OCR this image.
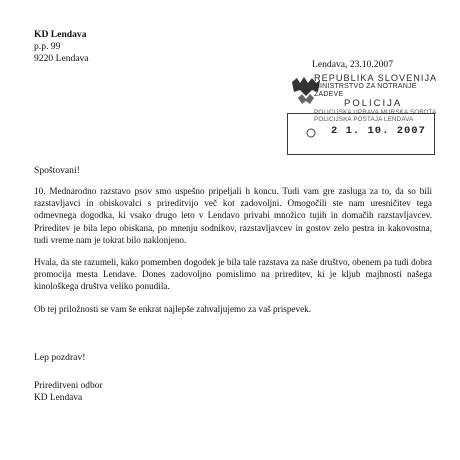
KD Lendava
p.p. 99
9220 Lendava
Lendava, 23.10.2007
REPUBLIKA SLOVENIJA
MINISTRSTVO ZA NOTRANJE ZADEVE
POLICIJA
POLICIJSKA UPRAVA MURSKA SOBOTA
POLICIJSKA POSTAJA LENDAVA
2 1. 10. 2007
Spoštovani!

10. Mednarodno razstavo psov smo uspešno pripeljali h koncu. Tudi vam gre zasluga za to, da so bili razstavljavci in obiskovalci s prireditvijo več kot zadovoljni. Omogočili ste nam uresničitev tega odmevnega dogodka, ki vsako drugo leto v Lendavo privabi množico tujih in domačih razstavljavcev. Prireditev je bila lepo obiskana, po mnenju sodnikov, razstavljavcev in gostov zelo pestra in kakovostna, tudi vreme nam je tokrat bilo naklonjeno.

Hvala, da ste razumeli, kako pomemben dogodek je bila tale razstava za naše društvo, obenem pa tudi dobra promocija mesta Lendave. Dones zadovoljno pomislimo na prireditev, ki je kljub majhnosti našega kinološkega društva veliko ponudila.

Ob tej priložnosti se vam še enkrat najlepše zahvaljujemo za vaš prispevek.

Lep pozdrav!
Prireditveni odbor
KD Lendava
